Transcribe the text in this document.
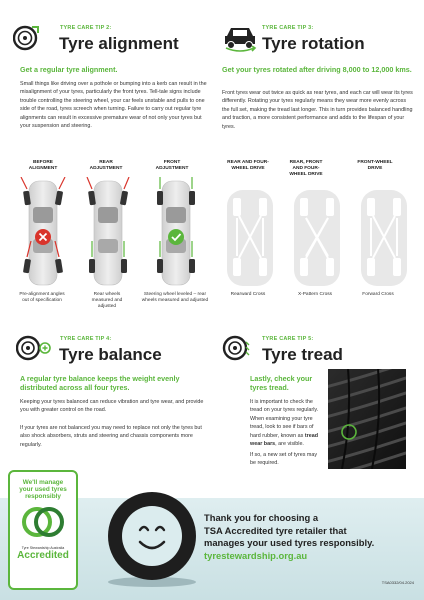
TYRE CARE TIP 2:
Tyre alignment
Get a regular tyre alignment.
Small things like driving over a pothole or bumping into a kerb can result in the misalignment of your tyres, particularly the front tyres. Tell-tale signs include trouble controlling the steering wheel, your car feels unstable and pulls to one side of the road, tyres screech when turning. Failure to carry out regular tyre alignments can result in excessive premature wear of not only your tyres but your suspension and steering.
BEFORE ALIGNMENT
REAR ADJUSTMENT
FRONT ADJUSTMENT
Pre-alignment angles out of specification
Rear wheels measured and adjusted
Steering wheel leveled – rear wheels measured and adjusted
TYRE CARE TIP 3:
Tyre rotation
Get your tyres rotated after driving 8,000 to 12,000 kms.
Front tyres wear out twice as quick as rear tyres, and each car will wear its tyres differently. Rotating your tyres regularly means they wear more evenly across the full set, making the tread last longer. This in turn provides balanced handling and traction, a more consistent performance and adds to the lifespan of your tyres.
REAR AND FOUR-WHEEL DRIVE
REAR, FRONT AND FOUR-WHEEL DRIVE
FRONT-WHEEL DRIVE
Rearward Cross	X-Pattern Cross	Forward Cross
TYRE CARE TIP 4:
Tyre balance
A regular tyre balance keeps the weight evenly distributed across all four tyres.
Keeping your tyres balanced can reduce vibration and tyre wear, and provide you with greater control on the road.
If your tyres are not balanced you may need to replace not only the tyres but also shock absorbers, struts and steering and chassis components more regularly.
TYRE CARE TIP 5:
Tyre tread
Lastly, check your tyres tread.
It is important to check the tread on your tyres regularly. When examining your tyre tread, look to see if bars of hard rubber, known as tread wear bars, are visible.
If so, a new set of tyres may be required.
We'll manage
your used tyres
responsibly
Tyre Stewardship Australia
Accredited
Thank you for choosing a
TSA Accredited tyre retailer that
manages your used tyres responsibly.
tyrestewardship.org.au
TSA0332/04.2024
